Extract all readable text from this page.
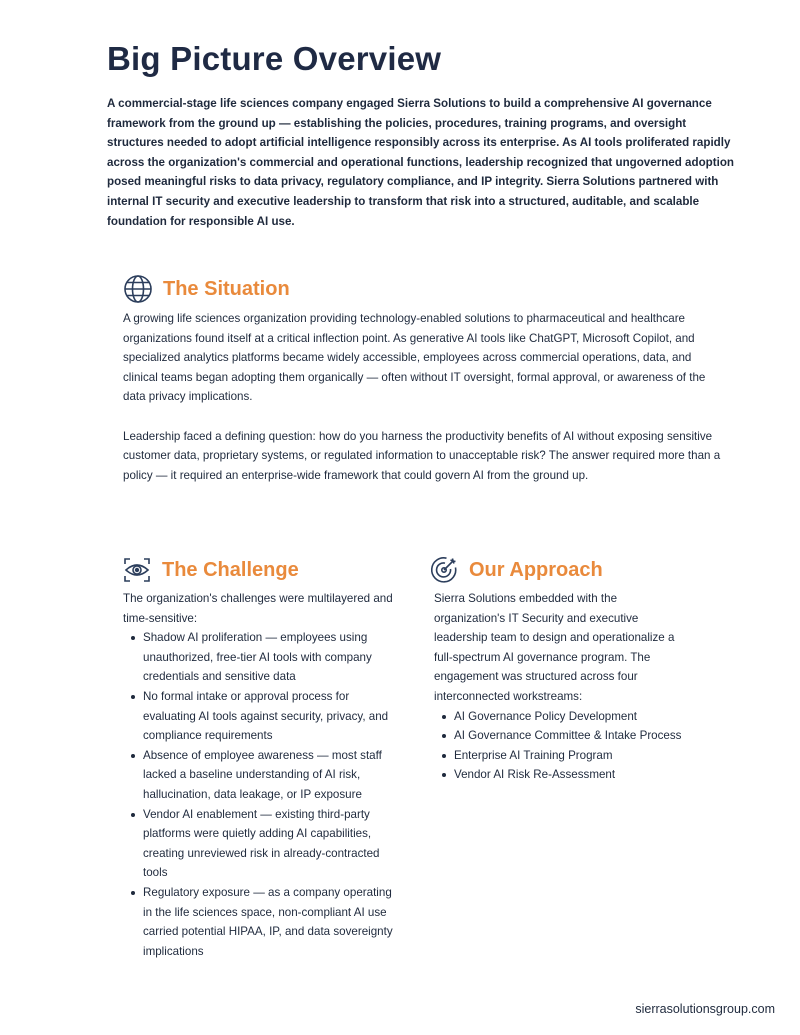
Big Picture Overview

A commercial-stage life sciences company engaged Sierra Solutions to build a comprehensive AI governance framework from the ground up — establishing the policies, procedures, training programs, and oversight structures needed to adopt artificial intelligence responsibly across its enterprise. As AI tools proliferated rapidly across the organization's commercial and operational functions, leadership recognized that ungoverned adoption posed meaningful risks to data privacy, regulatory compliance, and IP integrity. Sierra Solutions partnered with internal IT security and executive leadership to transform that risk into a structured, auditable, and scalable foundation for responsible AI use.

The Situation

A growing life sciences organization providing technology-enabled solutions to pharmaceutical and healthcare organizations found itself at a critical inflection point. As generative AI tools like ChatGPT, Microsoft Copilot, and specialized analytics platforms became widely accessible, employees across commercial operations, data, and clinical teams began adopting them organically — often without IT oversight, formal approval, or awareness of the data privacy implications.

Leadership faced a defining question: how do you harness the productivity benefits of AI without exposing sensitive customer data, proprietary systems, or regulated information to unacceptable risk? The answer required more than a policy — it required an enterprise-wide framework that could govern AI from the ground up.

The Challenge

The organization's challenges were multilayered and time-sensitive:

Shadow AI proliferation — employees using unauthorized, free-tier AI tools with company credentials and sensitive data
No formal intake or approval process for evaluating AI tools against security, privacy, and compliance requirements
Absence of employee awareness — most staff lacked a baseline understanding of AI risk, hallucination, data leakage, or IP exposure
Vendor AI enablement — existing third-party platforms were quietly adding AI capabilities, creating unreviewed risk in already-contracted tools
Regulatory exposure — as a company operating in the life sciences space, non-compliant AI use carried potential HIPAA, IP, and data sovereignty implications
Our Approach

Sierra Solutions embedded with the organization's IT Security and executive leadership team to design and operationalize a full-spectrum AI governance program. The engagement was structured across four interconnected workstreams:

AI Governance Policy Development
AI Governance Committee & Intake Process
Enterprise AI Training Program
Vendor AI Risk Re-Assessment

sierrasolutionsgroup.com
